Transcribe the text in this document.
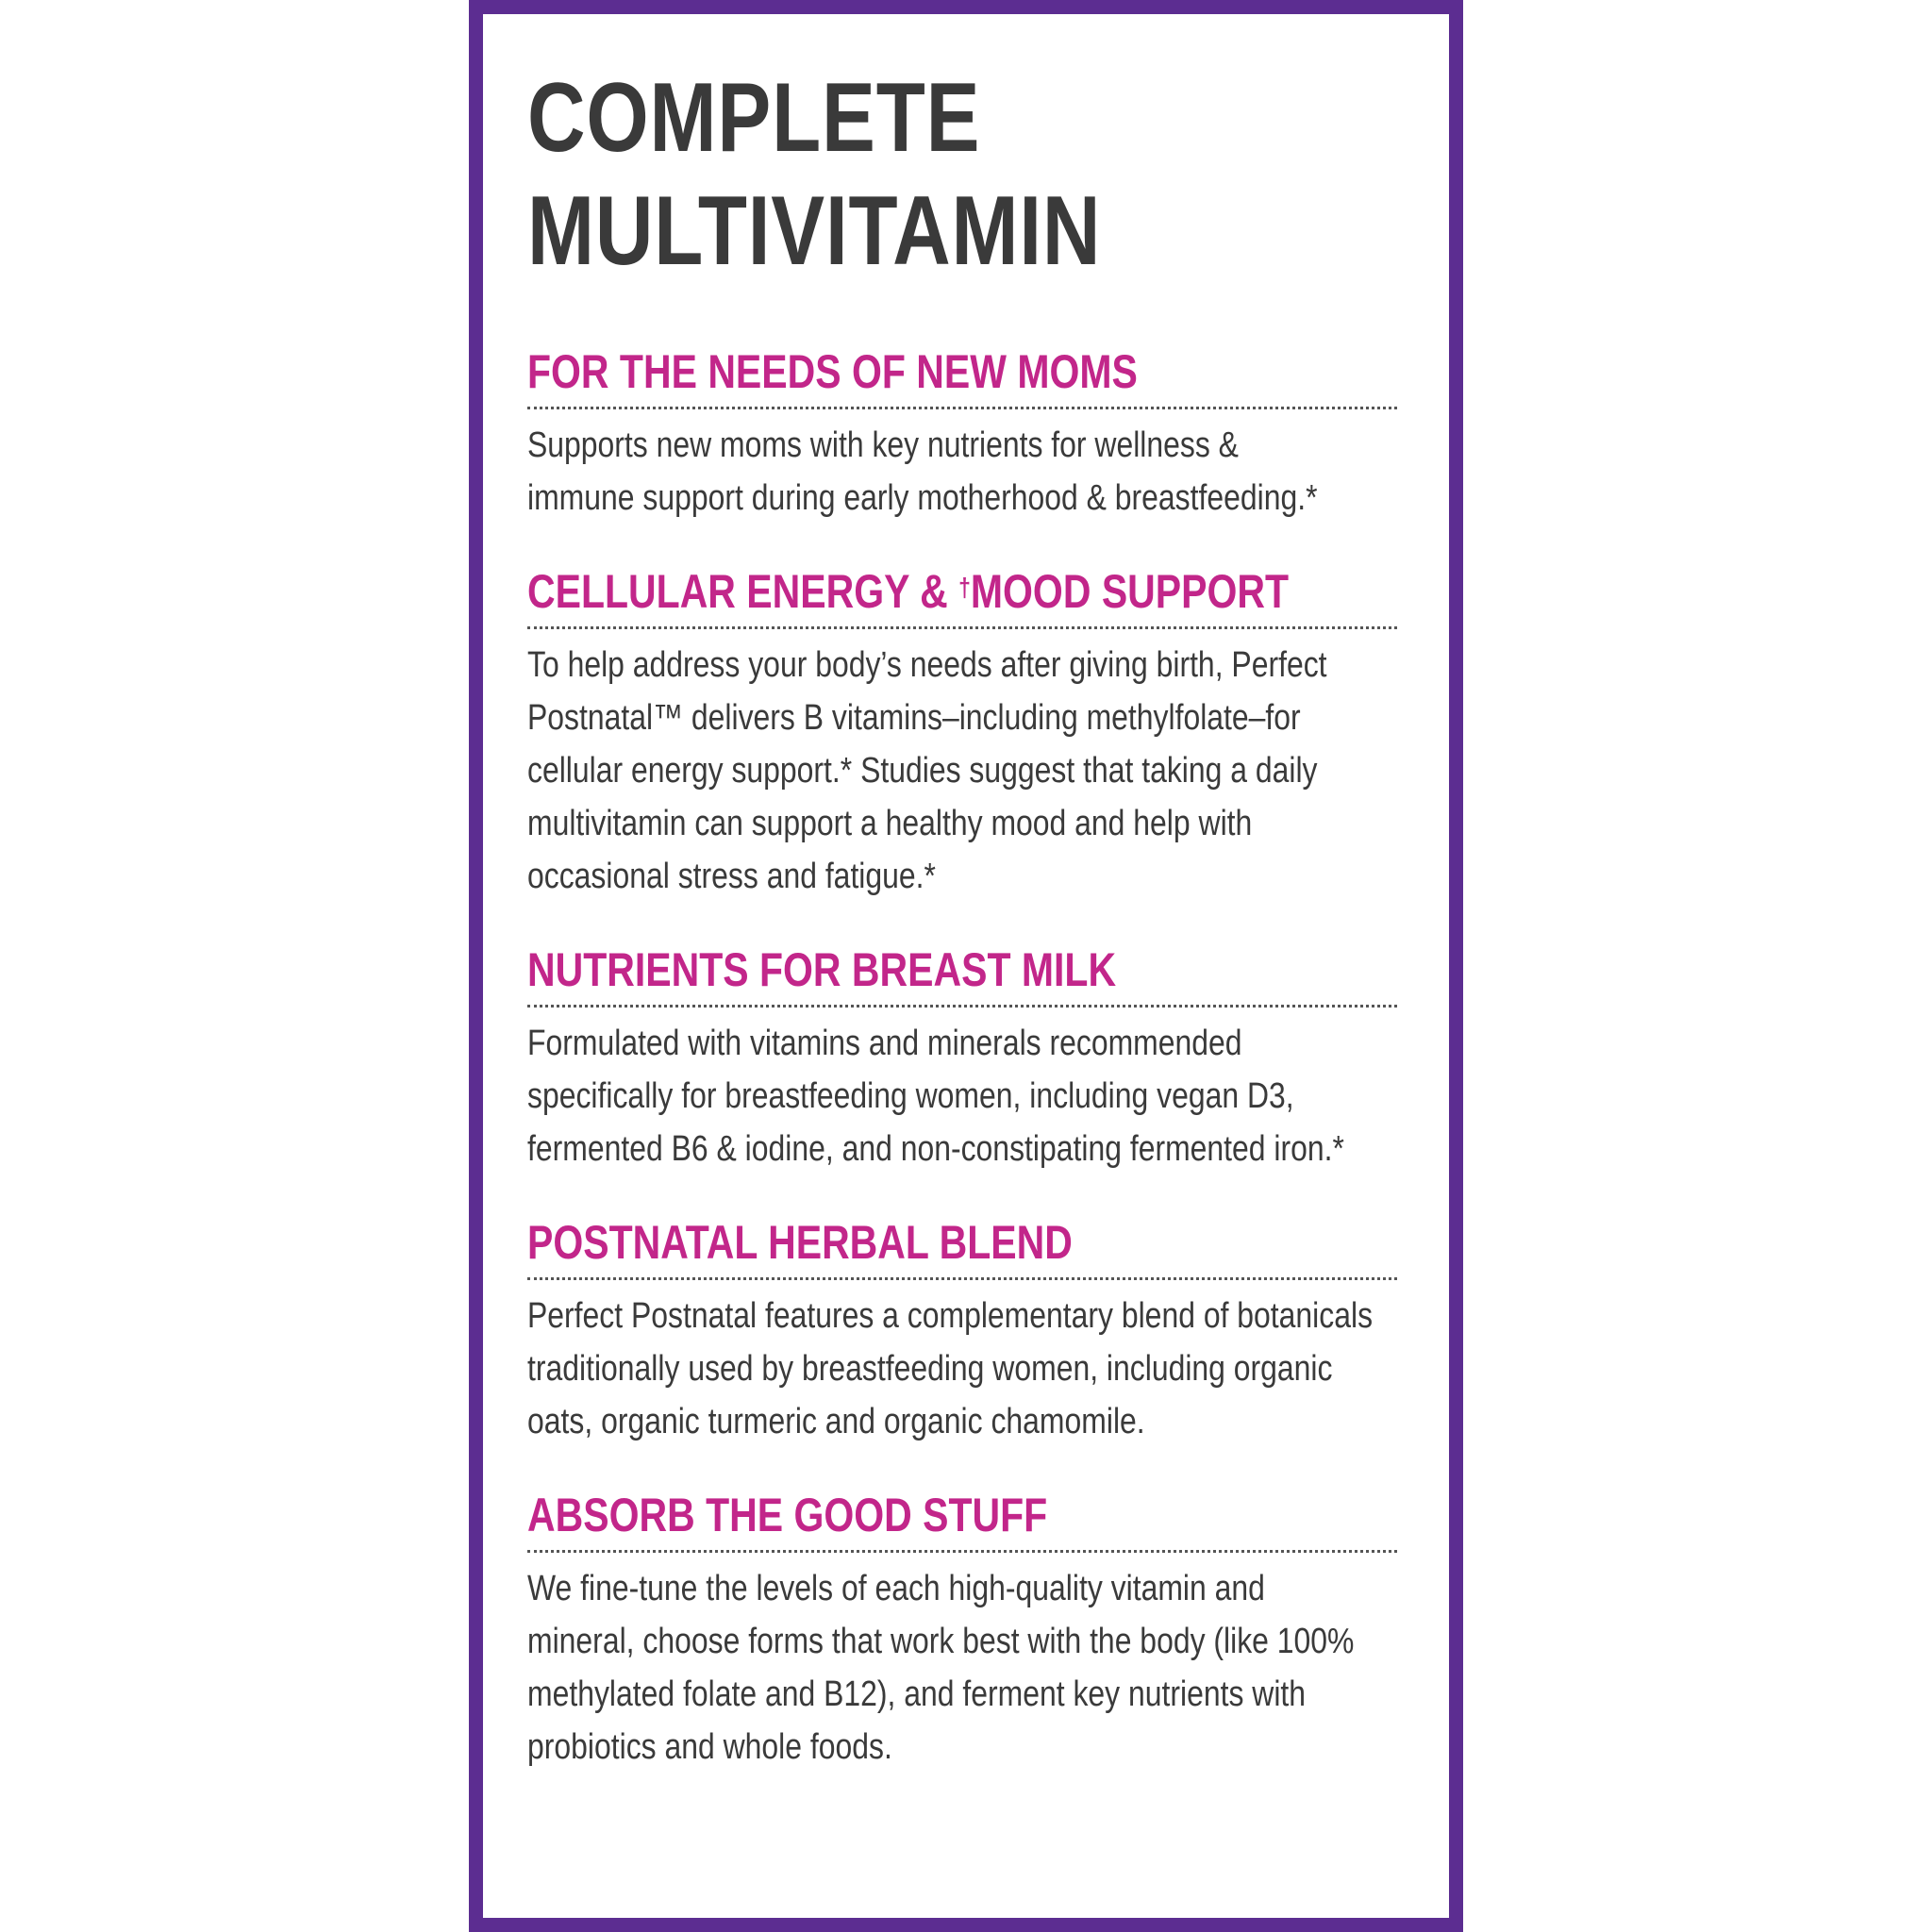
COMPLETE
MULTIVITAMIN
FOR THE NEEDS OF NEW MOMS

Supports new moms with key nutrients for wellness &
immune support during early motherhood & breastfeeding.*

CELLULAR ENERGY & †MOOD SUPPORT

To help address your body’s needs after giving birth, Perfect
Postnatal™ delivers B vitamins–including methylfolate–for
cellular energy support.* Studies suggest that taking a daily
multivitamin can support a healthy mood and help with
occasional stress and fatigue.*

NUTRIENTS FOR BREAST MILK

Formulated with vitamins and minerals recommended
specifically for breastfeeding women, including vegan D3,
fermented B6 & iodine, and non-constipating fermented iron.*

POSTNATAL HERBAL BLEND

Perfect Postnatal features a complementary blend of botanicals
traditionally used by breastfeeding women, including organic
oats, organic turmeric and organic chamomile.

ABSORB THE GOOD STUFF

We fine-tune the levels of each high-quality vitamin and
mineral, choose forms that work best with the body (like 100%
methylated folate and B12), and ferment key nutrients with
probiotics and whole foods.
